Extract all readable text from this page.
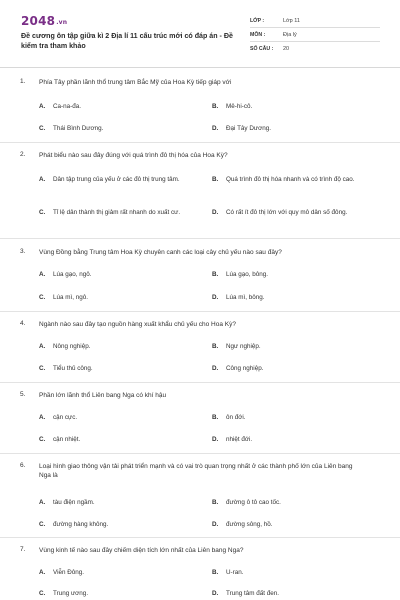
2048.vn
Đề cương ôn tập giữa kì 2 Địa lí 11 cấu trúc mới có đáp án - Đề kiểm tra tham khảo
LỚP :	Lớp 11
MÔN :	Địa lý
SỐ CÂU :	20
1. Phía Tây phần lãnh thổ trung tâm Bắc Mỹ của Hoa Kỳ tiếp giáp với
A.	Ca-na-đa.	B.	Mê-hi-cô.
C.	Thái Bình Dương.	D.	Đại Tây Dương.
2. Phát biểu nào sau đây đúng với quá trình đô thị hóa của Hoa Kỳ?
A.	Dân tập trung của yếu ở các đô thị trung tâm.	B.	Quá trình đô thị hóa nhanh và có trình độ cao.
C.	Tỉ lệ dân thành thị giảm rất nhanh do xuất cư.	D.	Có rất ít đô thị lớn với quy mô dân số đông.
3. Vùng Đồng bằng Trung tâm Hoa Kỳ chuyên canh các loại cây chủ yếu nào sau đây?
A.	Lúa gạo, ngô.	B.	Lúa gạo, bông.
C.	Lúa mì, ngô.	D.	Lúa mì, bông.
4. Ngành nào sau đây tạo nguồn hàng xuất khẩu chủ yếu cho Hoa Kỳ?
A.	Nông nghiệp.	B.	Ngư nghiệp.
C.	Tiểu thủ công.	D.	Công nghiệp.
5. Phần lớn lãnh thổ Liên bang Nga có khí hậu
A.	cận cực.	B.	ôn đới.
C.	cận nhiệt.	D.	nhiệt đới.
6. Loại hình giao thông vận tải phát triển mạnh và có vai trò quan trọng nhất ở các thành phố lớn của Liên bang Nga là
A.	tàu điện ngầm.	B.	đường ô tô cao tốc.
C.	đường hàng không.	D.	đường sông, hồ.
7. Vùng kinh tế nào sau đây chiếm diện tích lớn nhất của Liên bang Nga?
A.	Viễn Đông.	B.	U-ran.
C.	Trung ương.	D.	Trung tâm đất đen.
